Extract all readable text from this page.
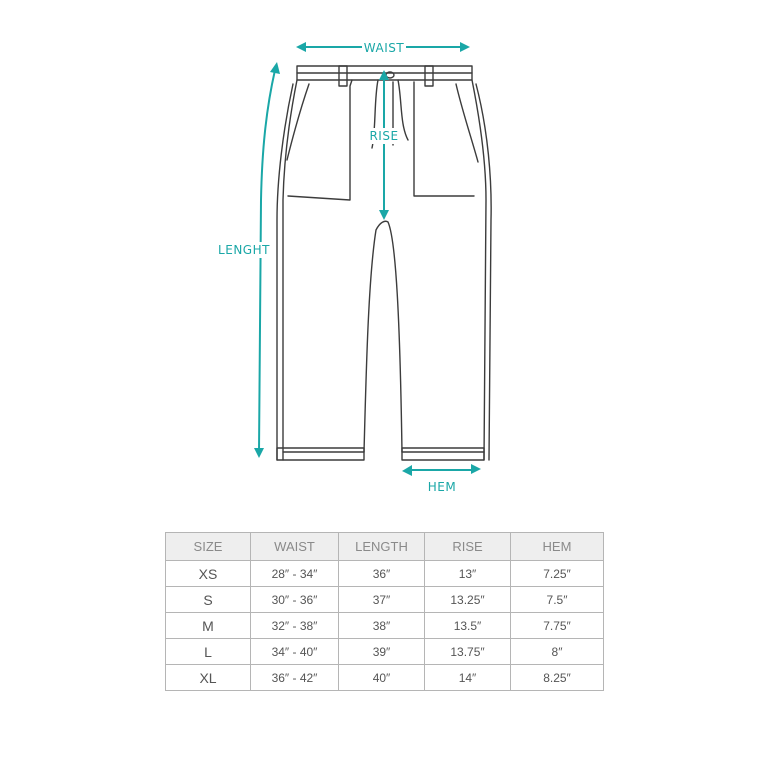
WAIST
RISE
LENGHT
HEM
SIZE	WAIST	LENGTH	RISE	HEM
XS	28″ - 34″	36″	13″	7.25″
S	30″ - 36″	37″	13.25″	7.5″
M	32″ - 38″	38″	13.5″	7.75″
L	34″ - 40″	39″	13.75″	8″
XL	36″ - 42″	40″	14″	8.25″
